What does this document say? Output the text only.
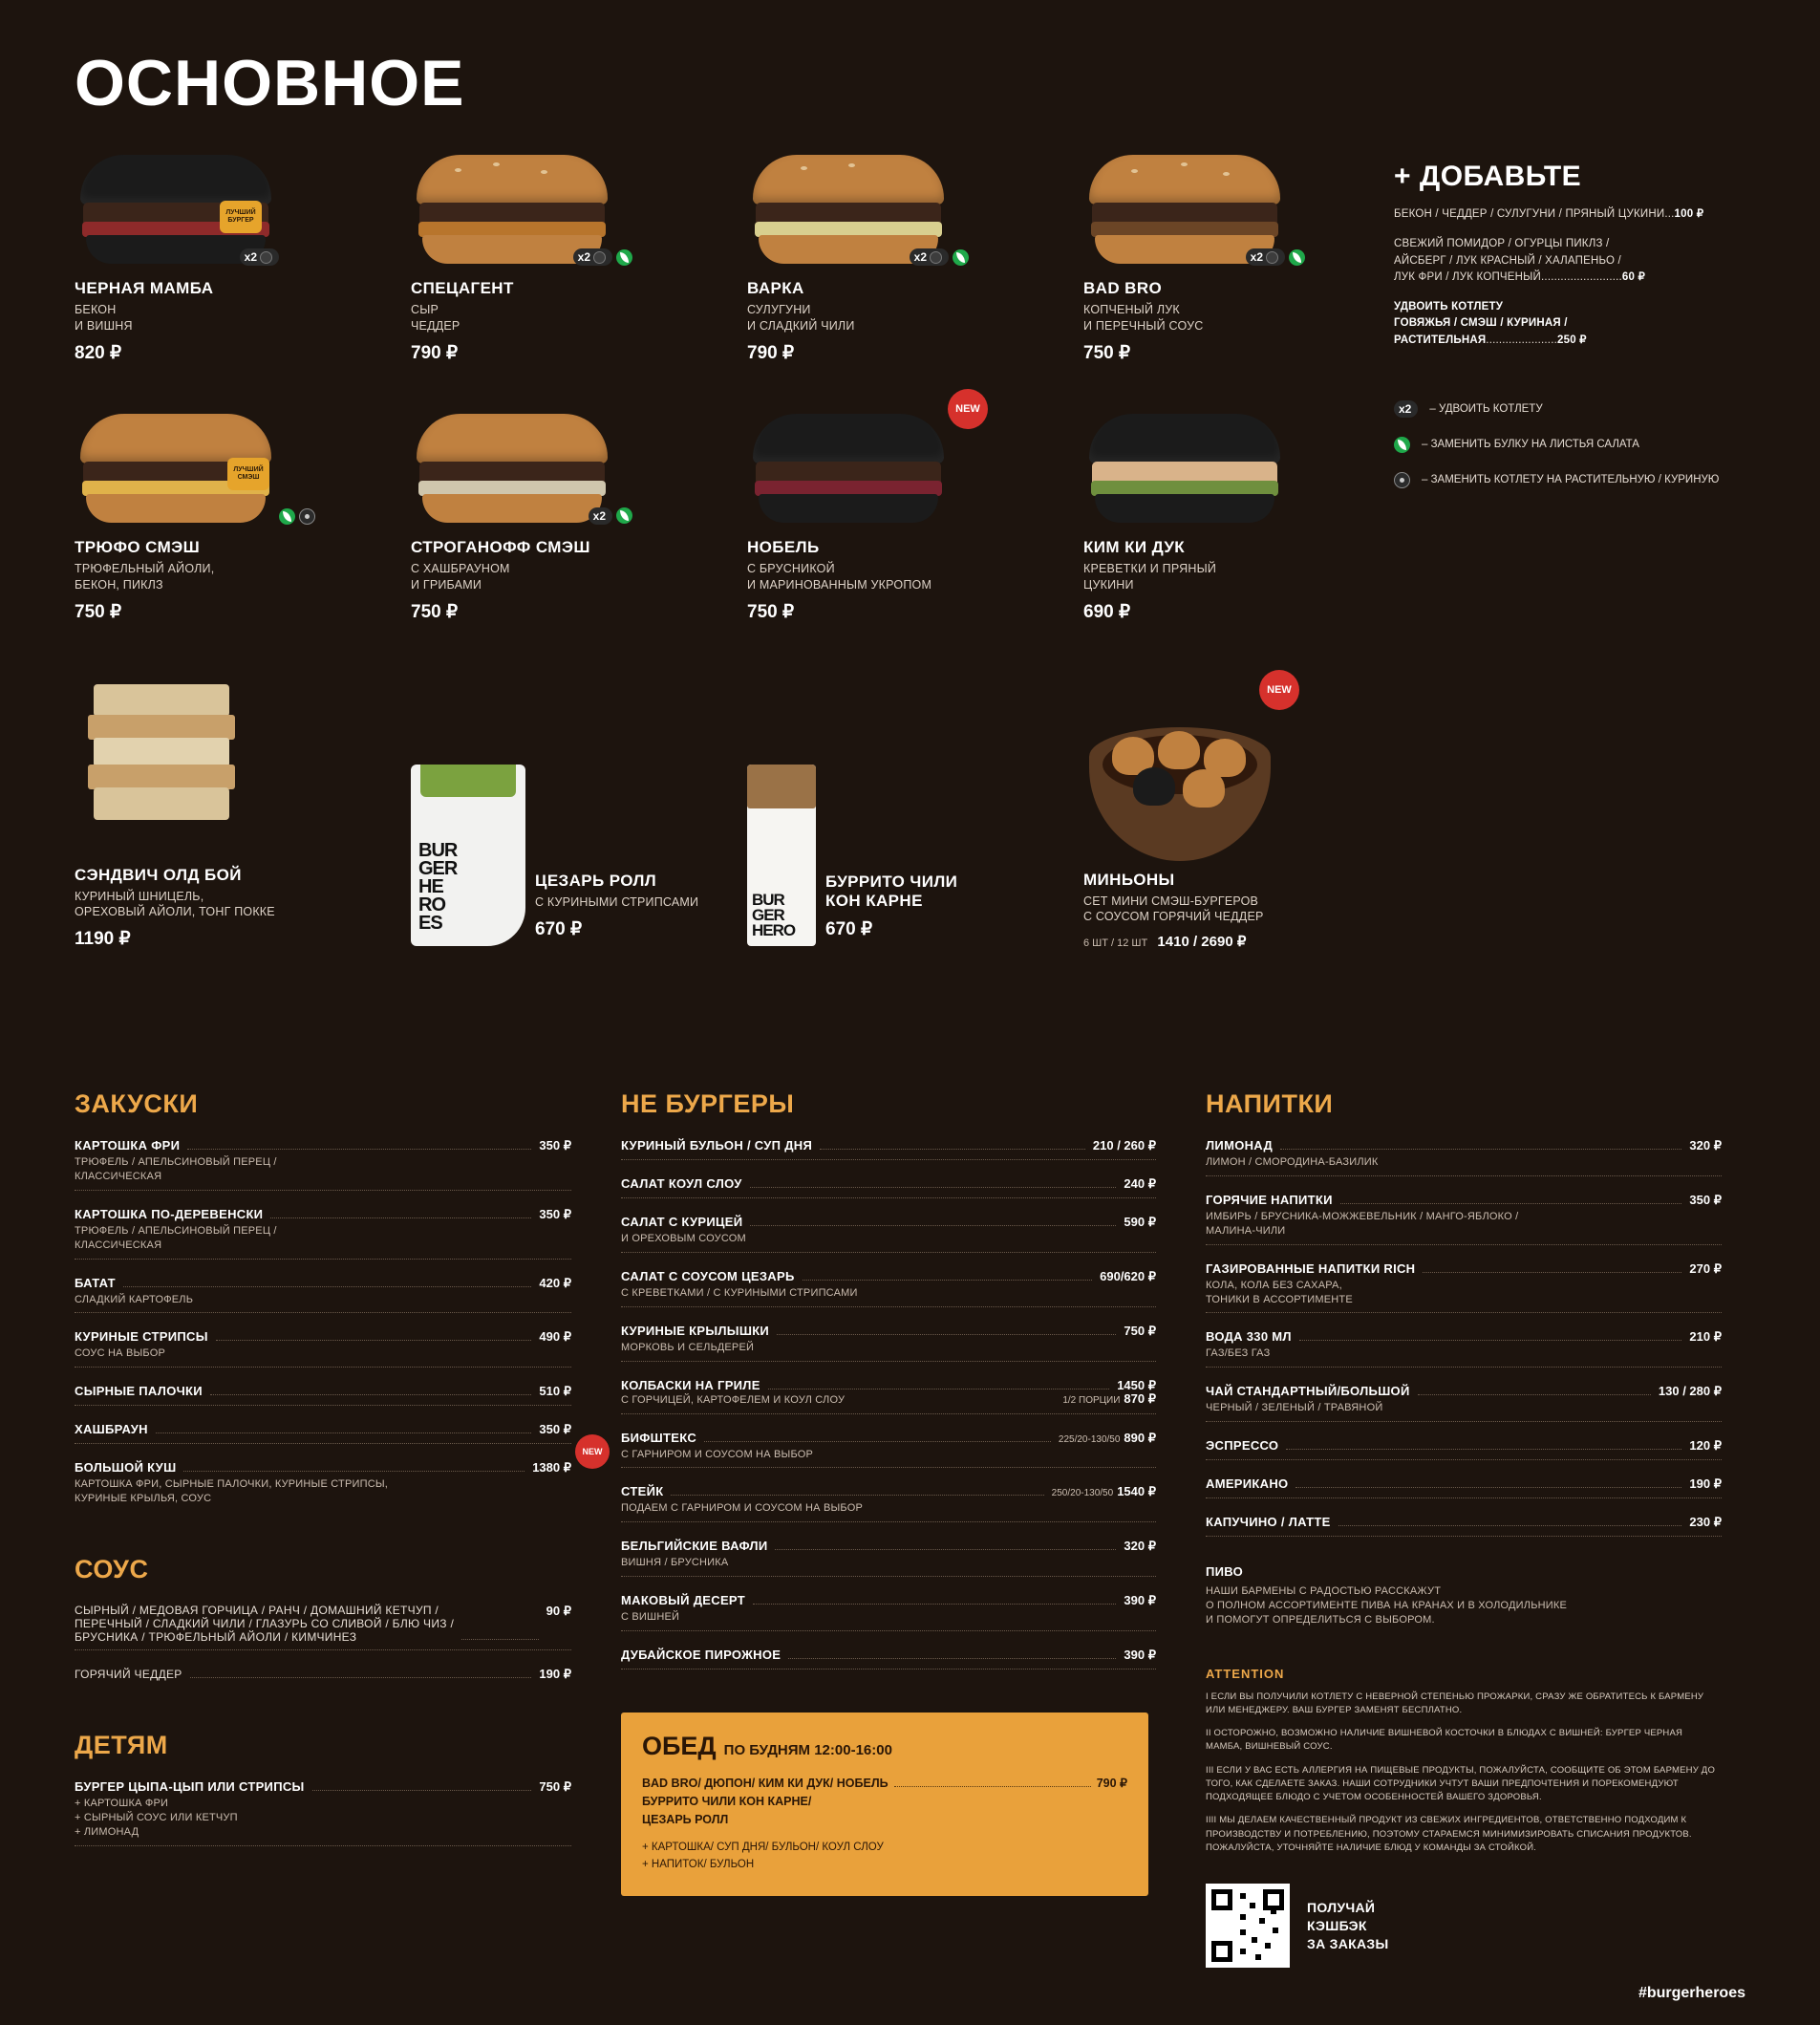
ОСНОВНОЕ
ЛУЧШИЙ
БУРГЕР
x2
ЧЕРНАЯ МАМБА
БЕКОН
И ВИШНЯ
820 ₽
x2
СПЕЦАГЕНТ
СЫР
ЧЕДДЕР
790 ₽
x2
ВАРКА
СУЛУГУНИ
И СЛАДКИЙ ЧИЛИ
790 ₽
x2
BAD BRO
КОПЧЕНЫЙ ЛУК
И ПЕРЕЧНЫЙ СОУС
750 ₽
ЛУЧШИЙ
СМЭШ
ТРЮФО СМЭШ
ТРЮФЕЛЬНЫЙ АЙОЛИ,
БЕКОН, ПИКЛЗ
750 ₽
x2
СТРОГАНОФФ СМЭШ
С ХАШБРАУНОМ
И ГРИБАМИ
750 ₽
NEW
НОБЕЛЬ
С БРУСНИКОЙ
И МАРИНОВАННЫМ УКРОПОМ
750 ₽
КИМ КИ ДУК
КРЕВЕТКИ И ПРЯНЫЙ
ЦУКИНИ
690 ₽
СЭНДВИЧ ОЛД БОЙ
КУРИНЫЙ ШНИЦЕЛЬ,
ОРЕХОВЫЙ АЙОЛИ, ТОНГ ПОККЕ
1190 ₽
BUR
GER
HE
RO
ES
ЦЕЗАРЬ РОЛЛ
С КУРИНЫМИ СТРИПСАМИ
670 ₽
BUR
GER
HERO
БУРРИТО ЧИЛИ
КОН КАРНЕ
670 ₽
NEW
МИНЬОНЫ
СЕТ МИНИ СМЭШ-БУРГЕРОВ
С СОУСОМ ГОРЯЧИЙ ЧЕДДЕР
6 ШТ / 12 ШТ 1410 / 2690 ₽
+ ДОБАВЬТЕ
БЕКОН / ЧЕДДЕР / СУЛУГУНИ / ПРЯНЫЙ ЦУКИНИ...100 ₽
СВЕЖИЙ ПОМИДОР / ОГУРЦЫ ПИКЛЗ /
АЙСБЕРГ / ЛУК КРАСНЫЙ / ХАЛАПЕНЬО /
ЛУК ФРИ / ЛУК КОПЧЕНЫЙ.........................60 ₽
УДВОИТЬ КОТЛЕТУ
ГОВЯЖЬЯ / СМЭШ / КУРИНАЯ /
РАСТИТЕЛЬНАЯ......................250 ₽
x2	– УДВОИТЬ КОТЛЕТУ
– ЗАМЕНИТЬ БУЛКУ НА ЛИСТЬЯ САЛАТА
– ЗАМЕНИТЬ КОТЛЕТУ НА РАСТИТЕЛЬНУЮ / КУРИНУЮ
ЗАКУСКИ
КАРТОШКА ФРИ	350 ₽
ТРЮФЕЛЬ / АПЕЛЬСИНОВЫЙ ПЕРЕЦ /
КЛАССИЧЕСКАЯ
КАРТОШКА ПО-ДЕРЕВЕНСКИ	350 ₽
ТРЮФЕЛЬ / АПЕЛЬСИНОВЫЙ ПЕРЕЦ /
КЛАССИЧЕСКАЯ
БАТАТ	420 ₽
СЛАДКИЙ КАРТОФЕЛЬ
КУРИНЫЕ СТРИПСЫ	490 ₽
СОУС НА ВЫБОР
СЫРНЫЕ ПАЛОЧКИ	510 ₽
ХАШБРАУН	350 ₽
БОЛЬШОЙ КУШ	1380 ₽
КАРТОШКА ФРИ, СЫРНЫЕ ПАЛОЧКИ, КУРИНЫЕ СТРИПСЫ,
КУРИНЫЕ КРЫЛЬЯ, СОУС
СОУС
СЫРНЫЙ / МЕДОВАЯ ГОРЧИЦА / РАНЧ / ДОМАШНИЙ КЕТЧУП /
ПЕРЕЧНЫЙ / СЛАДКИЙ ЧИЛИ / ГЛАЗУРЬ СО СЛИВОЙ / БЛЮ ЧИЗ /
БРУСНИКА / ТРЮФЕЛЬНЫЙ АЙОЛИ / КИМЧИНЕЗ
90 ₽
ГОРЯЧИЙ ЧЕДДЕР	190 ₽
ДЕТЯМ
БУРГЕР ЦЫПА-ЦЫП ИЛИ СТРИПСЫ	750 ₽
+ КАРТОШКА ФРИ
+ СЫРНЫЙ СОУС ИЛИ КЕТЧУП
+ ЛИМОНАД
НЕ БУРГЕРЫ
КУРИНЫЙ БУЛЬОН / СУП ДНЯ	210 / 260 ₽
САЛАТ КОУЛ СЛОУ	240 ₽
САЛАТ С КУРИЦЕЙ	590 ₽
И ОРЕХОВЫМ СОУСОМ
САЛАТ С СОУСОМ ЦЕЗАРЬ	690/620 ₽
С КРЕВЕТКАМИ / С КУРИНЫМИ СТРИПСАМИ
КУРИНЫЕ КРЫЛЫШКИ	750 ₽
МОРКОВЬ И СЕЛЬДЕРЕЙ
КОЛБАСКИ НА ГРИЛЕ	1450 ₽
С ГОРЧИЦЕЙ, КАРТОФЕЛЕМ И КОУЛ СЛОУ	1/2 ПОРЦИИ 870 ₽
NEW
БИФШТЕКС	225/20-130/50 890 ₽
С ГАРНИРОМ И СОУСОМ НА ВЫБОР
СТЕЙК	250/20-130/50 1540 ₽
ПОДАЕМ С ГАРНИРОМ И СОУСОМ НА ВЫБОР
БЕЛЬГИЙСКИЕ ВАФЛИ	320 ₽
ВИШНЯ / БРУСНИКА
МАКОВЫЙ ДЕСЕРТ	390 ₽
С ВИШНЕЙ
ДУБАЙСКОЕ ПИРОЖНОЕ	390 ₽
ОБЕД ПО БУДНЯМ 12:00-16:00
BAD BRO/ ДЮПОН/ КИМ КИ ДУК/ НОБЕЛЬ
БУРРИТО ЧИЛИ КОН КАРНЕ/
ЦЕЗАРЬ РОЛЛ
790 ₽
+ КАРТОШКА/ СУП ДНЯ/ БУЛЬОН/ КОУЛ СЛОУ
+ НАПИТОК/ БУЛЬОН
НАПИТКИ
ЛИМОНАД	320 ₽
ЛИМОН / СМОРОДИНА-БАЗИЛИК
ГОРЯЧИЕ НАПИТКИ	350 ₽
ИМБИРЬ / БРУСНИКА-МОЖЖЕВЕЛЬНИК / МАНГО-ЯБЛОКО /
МАЛИНА-ЧИЛИ
ГАЗИРОВАННЫЕ НАПИТКИ RICH	270 ₽
КОЛА, КОЛА БЕЗ САХАРА,
ТОНИКИ В АССОРТИМЕНТЕ
ВОДА 330 МЛ	210 ₽
ГАЗ/БЕЗ ГАЗ
ЧАЙ СТАНДАРТНЫЙ/БОЛЬШОЙ	130 / 280 ₽
ЧЕРНЫЙ / ЗЕЛЕНЫЙ / ТРАВЯНОЙ
ЭСПРЕССО	120 ₽
АМЕРИКАНО	190 ₽
КАПУЧИНО / ЛАТТЕ	230 ₽
ПИВО
НАШИ БАРМЕНЫ С РАДОСТЬЮ РАССКАЖУТ
О ПОЛНОМ АССОРТИМЕНТЕ ПИВА НА КРАНАХ И В ХОЛОДИЛЬНИКЕ
И ПОМОГУТ ОПРЕДЕЛИТЬСЯ С ВЫБОРОМ.
ATTENTION
I ЕСЛИ ВЫ ПОЛУЧИЛИ КОТЛЕТУ С НЕВЕРНОЙ СТЕПЕНЬЮ ПРОЖАРКИ, СРАЗУ ЖЕ ОБРАТИТЕСЬ К БАРМЕНУ ИЛИ МЕНЕДЖЕРУ. ВАШ БУРГЕР ЗАМЕНЯТ БЕСПЛАТНО.
II ОСТОРОЖНО, ВОЗМОЖНО НАЛИЧИЕ ВИШНЕВОЙ КОСТОЧКИ В БЛЮДАХ С ВИШНЕЙ: БУРГЕР ЧЕРНАЯ МАМБА, ВИШНЕВЫЙ СОУС.
III ЕСЛИ У ВАС ЕСТЬ АЛЛЕРГИЯ НА ПИЩЕВЫЕ ПРОДУКТЫ, ПОЖАЛУЙСТА, СООБЩИТЕ ОБ ЭТОМ БАРМЕНУ ДО ТОГО, КАК СДЕЛАЕТЕ ЗАКАЗ. НАШИ СОТРУДНИКИ УЧТУТ ВАШИ ПРЕДПОЧТЕНИЯ И ПОРЕКОМЕНДУЮТ ПОДХОДЯЩЕЕ БЛЮДО С УЧЕТОМ ОСОБЕННОСТЕЙ ВАШЕГО ЗДОРОВЬЯ.
IIII МЫ ДЕЛАЕМ КАЧЕСТВЕННЫЙ ПРОДУКТ ИЗ СВЕЖИХ ИНГРЕДИЕНТОВ, ОТВЕТСТВЕННО ПОДХОДИМ К ПРОИЗВОДСТВУ И ПОТРЕБЛЕНИЮ, ПОЭТОМУ СТАРАЕМСЯ МИНИМИЗИРОВАТЬ СПИСАНИЯ ПРОДУКТОВ. ПОЖАЛУЙСТА, УТОЧНЯЙТЕ НАЛИЧИЕ БЛЮД У КОМАНДЫ ЗА СТОЙКОЙ.
ПОЛУЧАЙ
КЭШБЭК
ЗА ЗАКАЗЫ
#burgerheroes
